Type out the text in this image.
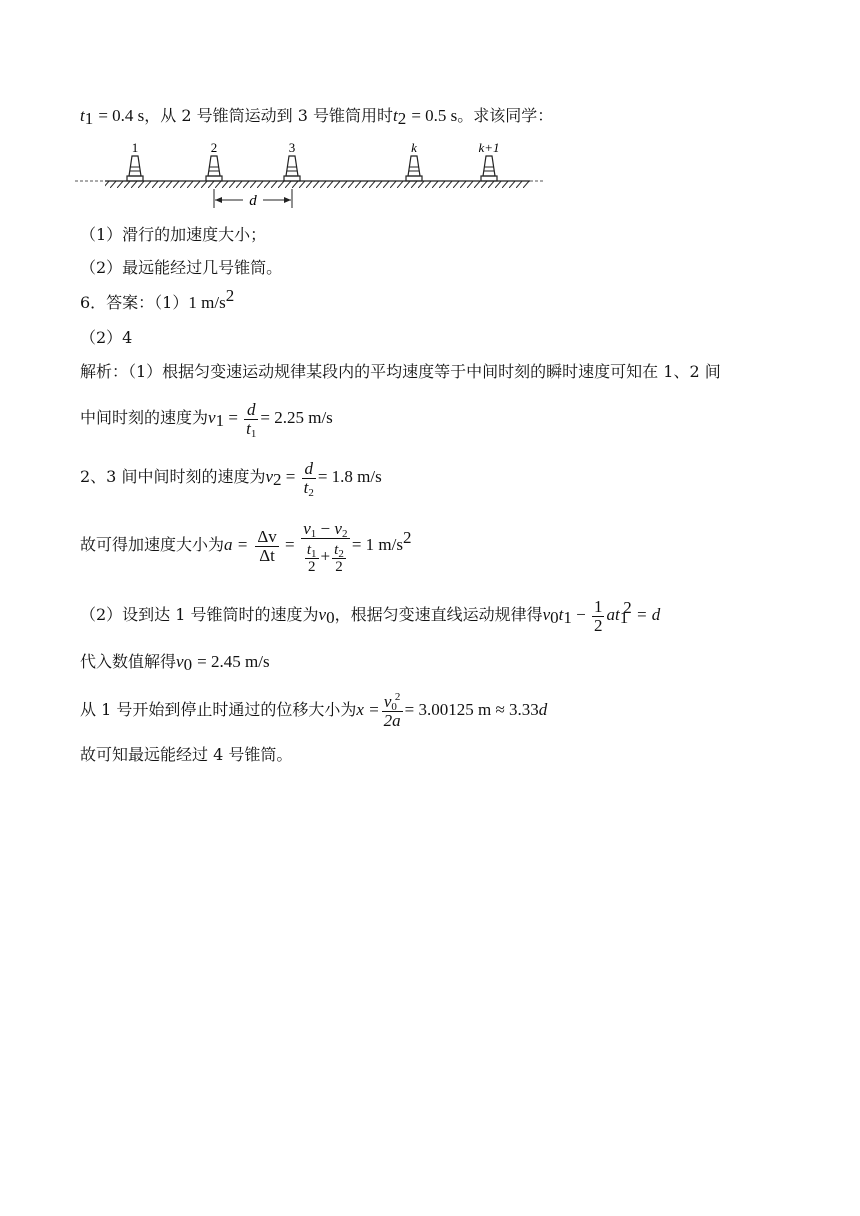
$t_1 = 0.4$ s，从 2 号锥筒运动到 3 号锥筒用时$t_2 = 0.5$ s。求该同学：
1	2	3	k	k+1
d
（1）滑行的加速度大小；
（2）最远能经过几号锥筒。
6．答案：（1）1 $m/s^2$
（2）4
解析：（1）根据匀变速运动规律某段内的平均速度等于中间时刻的瞬时速度可知在 1、2 间
中间时刻的速度为$v_1 = \frac{d}{t_1} = 2.25$ m/s
2、3 间中间时刻的速度为$v_2 = \frac{d}{t_2} = 1.8$ m/s
故可得加速度大小为$a = \frac{\Delta v}{\Delta t} = \frac{v_1 - v_2}{\frac{t_1}{2} + \frac{t_2}{2}} = 1$ $m/s^2$
（2）设到达 1 号锥筒时的速度为$v_0$，根据匀变速直线运动规律得$v_0t_1 - \frac{1}{2} at_1^2 = d$
代入数值解得$v_0 = 2.45$ m/s
从 1 号开始到停止时通过的位移大小为$x = \frac{v_0^2}{2a} = 3.00125$ m ≈ 3.33d
故可知最远能经过 4 号锥筒。
